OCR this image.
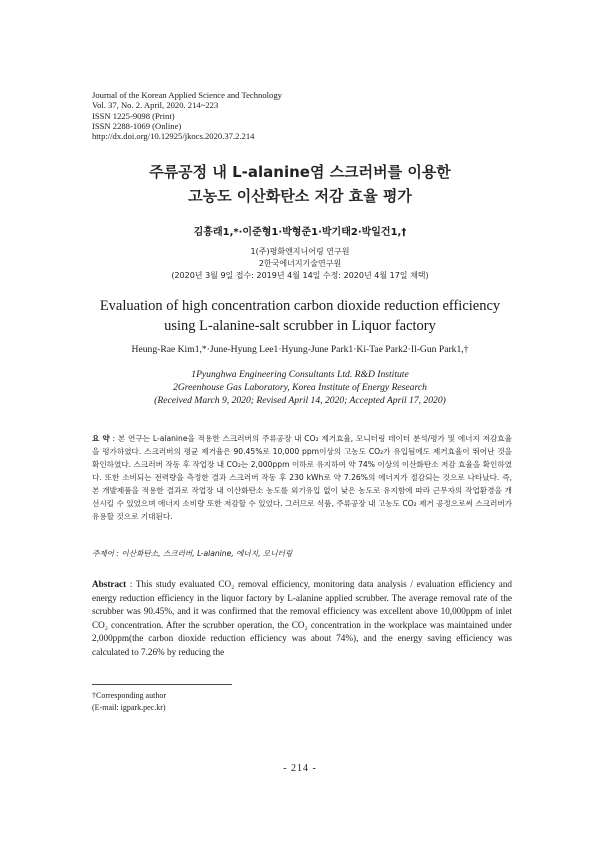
Journal of the Korean Applied Science and Technology
Vol. 37, No. 2. April, 2020. 214~223
ISSN 1225-9098 (Print)
ISSN 2288-1069 (Online)
http://dx.doi.org/10.12925/jkocs.2020.37.2.214
주류공정 내 L-alanine염 스크러버를 이용한
고농도 이산화탄소 저감 효율 평가
김흥래1,*·이준형1·박형준1·박기태2·박일건1,†
1(주)평화엔지니어링 연구원
2한국에너지기술연구원
(2020년 3월 9일 접수: 2019년 4월 14일 수정: 2020년 4월 17일 채택)
Evaluation of high concentration carbon dioxide reduction efficiency
using L-alanine-salt scrubber in Liquor factory
Heung-Rae Kim1,*·June-Hyung Lee1·Hyung-June Park1·Ki-Tae Park2·Il-Gun Park1,†
1Pyunghwa Engineering Consultants Ltd. R&D Institute
2Greenhouse Gas Laboratory, Korea Institute of Energy Research
(Received March 9, 2020; Revised April 14, 2020; Accepted April 17, 2020)
요 약 : 본 연구는 L-alanine을 적용한 스크러버의 주류공장 내 CO₂ 제거효율, 모니터링 데이터 분석/평가 및 에너지 저감효율을 평가하였다. 스크러버의 평균 제거율은 90.45%로 10,000 ppm이상의 고농도 CO₂가 유입됨에도 제거효율이 뛰어난 것을 확인하였다. 스크러버 작동 후 작업장 내 CO₂는 2,000ppm 이하로 유지하여 약 74% 이상의 이산화탄소 저감 효율을 확인하였다. 또한 소비되는 전력량을 측정한 결과 스크러버 작동 후 230 kWh로 약 7.26%의 에너지가 절감되는 것으로 나타났다. 즉, 본 개발제품을 적용한 결과로 작업장 내 이산화탄소 농도를 외기유입 없이 낮은 농도로 유지함에 따라 근무자의 작업환경을 개선시킬 수 있었으며 에너지 소비량 또한 저감할 수 있었다. 그러므로 식품, 주류공장 내 고농도 CO₂ 제거 공정으로써 스크러버가 유용할 것으로 기대된다.
주제어 : 이산화탄소, 스크러버, L-alanine, 에너지, 모니터링
Abstract : This study evaluated CO₂ removal efficiency, monitoring data analysis / evaluation efficiency and energy reduction efficiency in the liquor factory by L-alanine applied scrubber. The average removal rate of the scrubber was 90.45%, and it was confirmed that the removal efficiency was excellent above 10,000ppm of inlet CO₂ concentration. After the scrubber operation, the CO₂ concentration in the workplace was maintained under 2,000ppm(the carbon dioxide reduction efficiency was about 74%), and the energy saving efficiency was calculated to 7.26% by reducing the
†Corresponding author
(E-mail: igpark.pec.kr)
- 214 -
